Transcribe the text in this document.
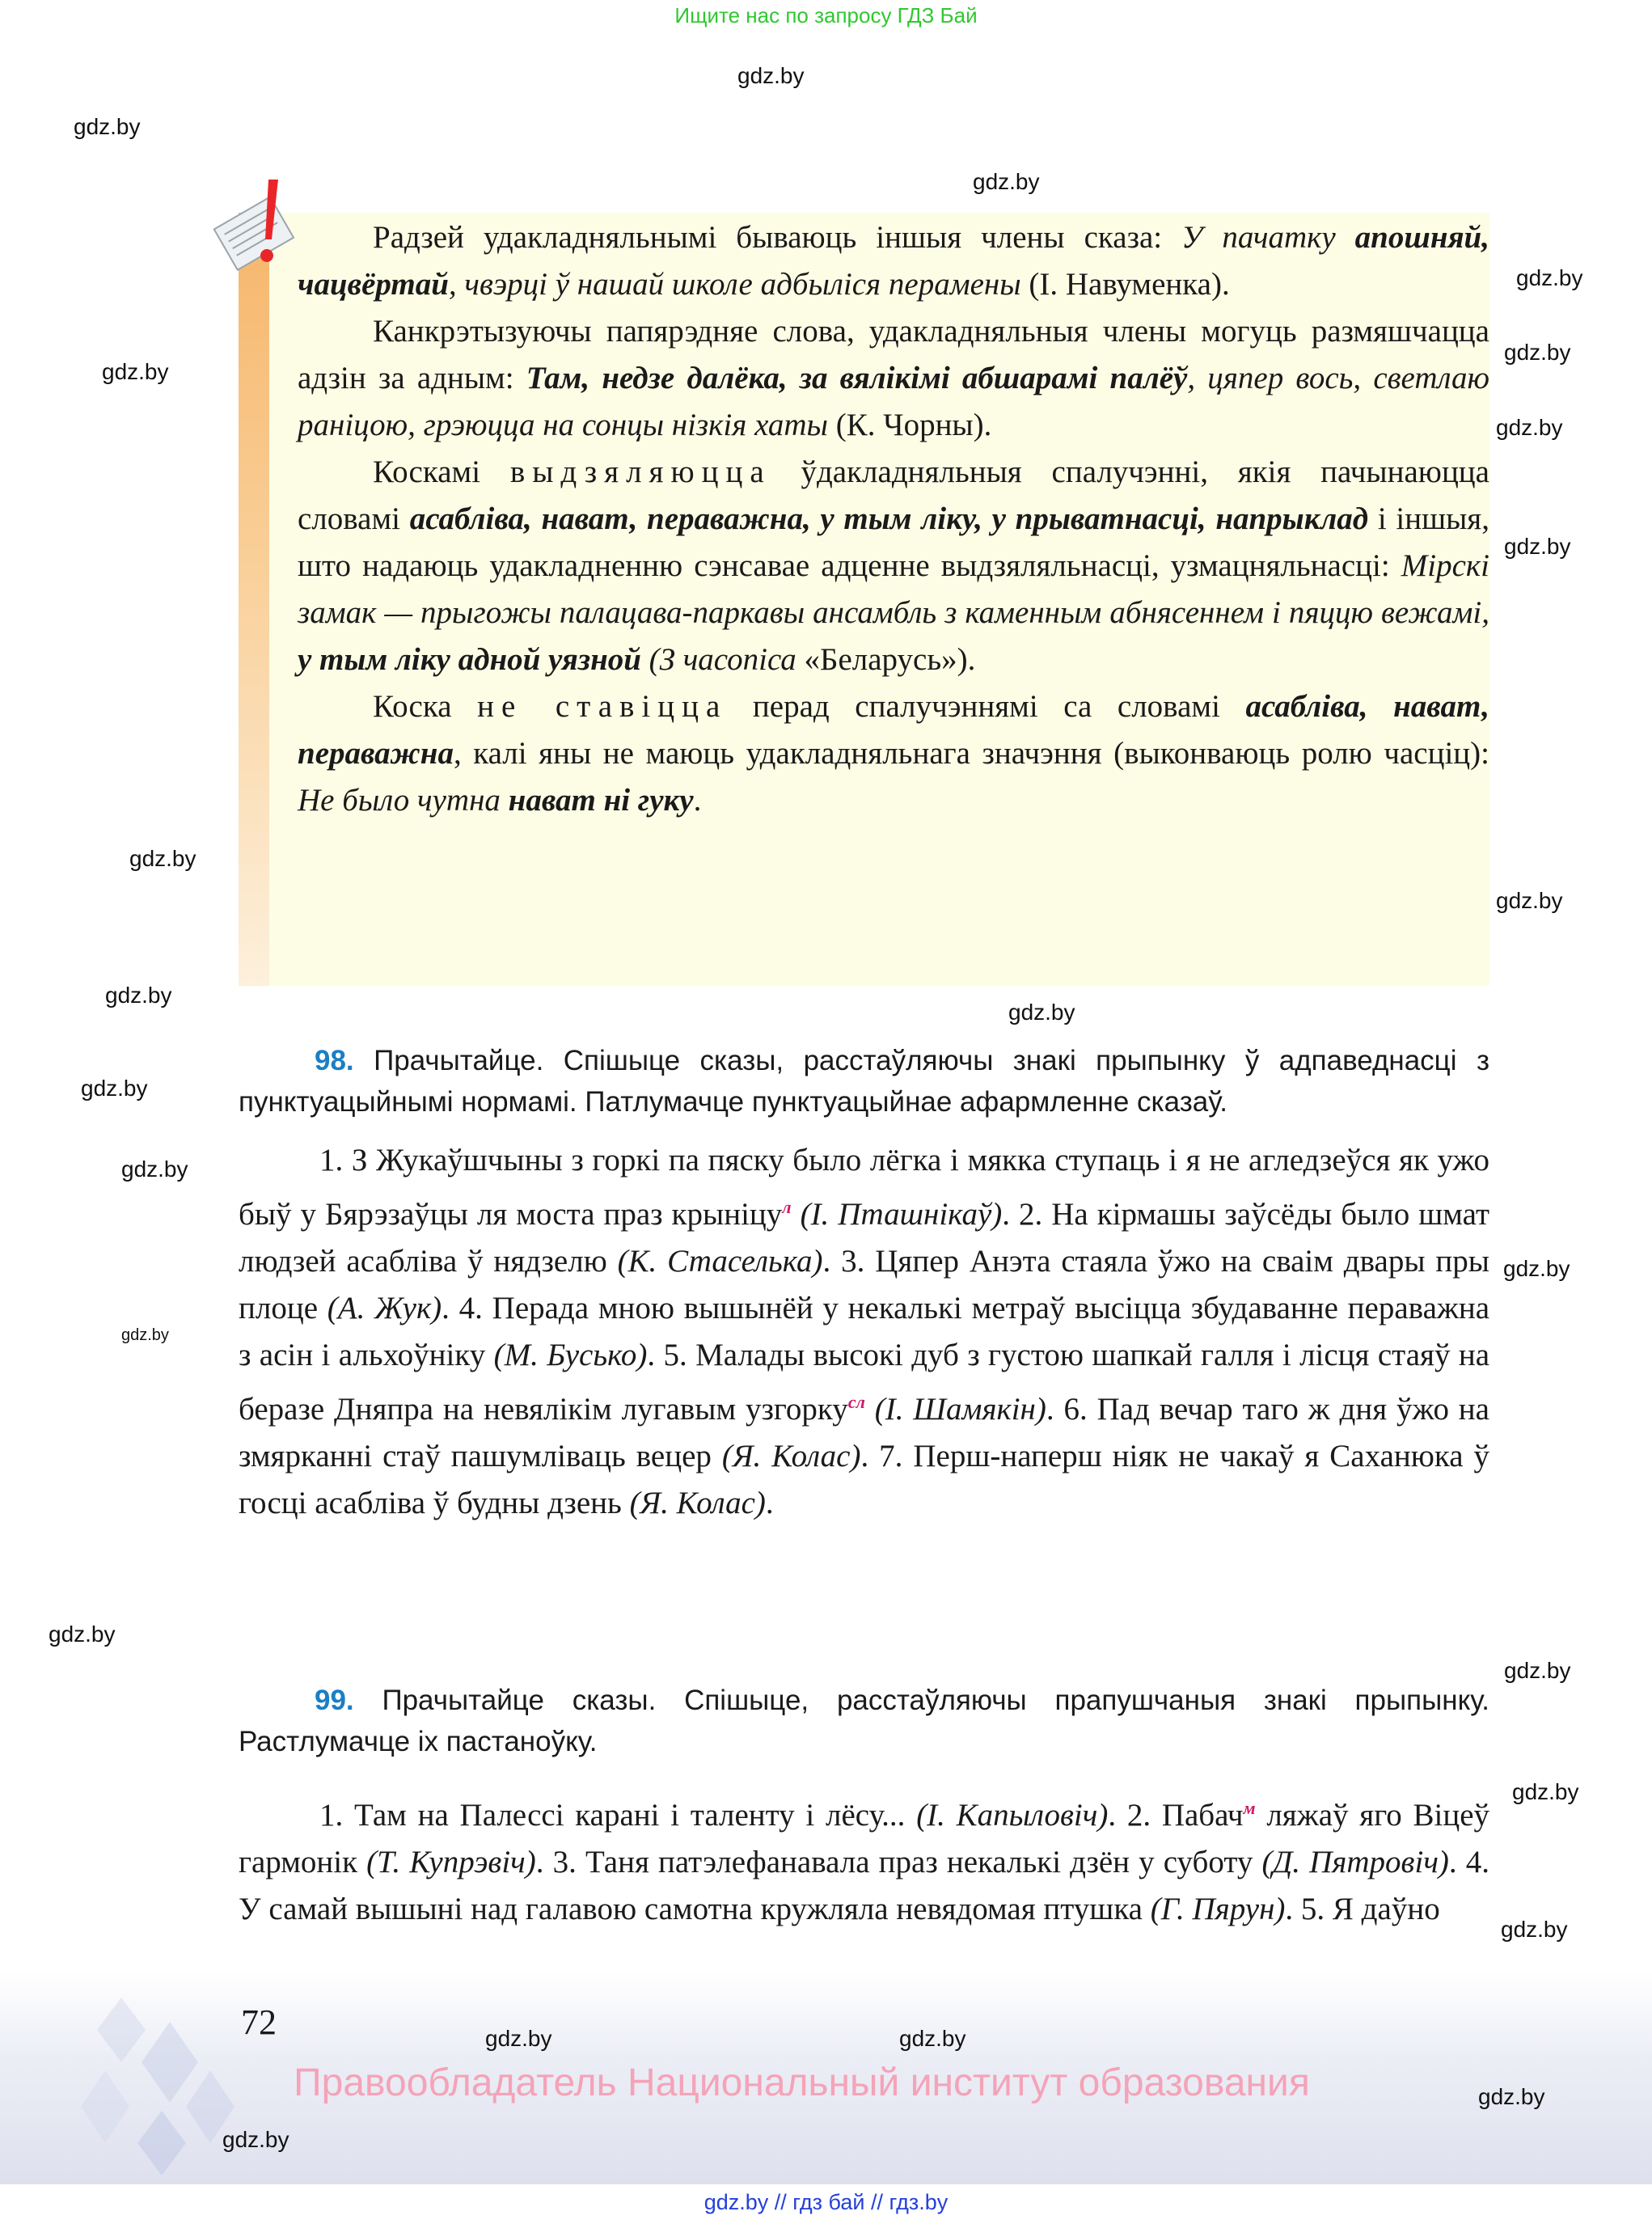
Ищите нас по запросу ГДЗ Бай
gdz.by
gdz.by
gdz.by
gdz.by
gdz.by
gdz.by
gdz.by
gdz.by
gdz.by
gdz.by
gdz.by
gdz.by
gdz.by
gdz.by
gdz.by
gdz.by
gdz.by
gdz.by
gdz.by
gdz.by
gdz.by	gdz.by
gdz.by
gdz.by

Радзей удакладняльнымі бываюць іншыя члены сказа: У пачатку апошняй, чацвёртай, чвэрці ў нашай школе адбыліся перамены (І. Навуменка).

Канкрэтызуючы папярэдняе слова, удакладняльныя члены могуць размяшчацца адзін за адным: Там, недзе далёка, за вялікімі абшарамі палёў, цяпер вось, светлаю раніцою, грэюцца на сонцы нізкія хаты (К. Чорны).

Коскамі выдзяляюцца ўдакладняльныя спалучэнні, якія пачынаюцца словамі асабліва, нават, пераважна, у тым ліку, у прыватнасці, напрыклад і іншыя, што надаюць удакладненню сэнсавае адценне выдзяляльнасці, узмацняльнасці: Мірскі замак — прыгожы палацава-паркавы ансамбль з каменным абнясеннем і пяццю вежамі, у тым ліку адной уязной (З часопіса «Беларусь»).

Коска не ставіцца перад спалучэннямі са словамі асабліва, нават, пераважна, калі яны не маюць удакладняльнага значэння (выконваюць ролю часціц): Не было чутна нават ні гуку.

98. Прачытайце. Спішыце сказы, расстаўляючы знакі прыпынку ў адпаведнасці з пунктуацыйнымі нормамі. Патлумачце пунктуацыйнае афармленне сказаў.

1. З Жукаўшчыны з горкі па пяску было лёгка і мякка ступаць і я не агледзеўся як ужо быў у Бярэзаўцы ля моста праз крыніцу$^л$ (І. Пташнікаў). 2. На кірмашы заўсёды было шмат людзей асабліва ў нядзелю (К. Стаселька). 3. Цяпер Анэта стаяла ўжо на сваім двары пры плоце (А. Жук). 4. Перада мною вышынёй у некалькі метраў высіцца збудаванне пераважна з асін і альхоўніку (М. Бусько). 5. Малады высокі дуб з густою шапкай галля і лісця стаяў на беразе Дняпра на невялікім лугавым узгорку$^{сл}$ (І. Шамякін). 6. Пад вечар таго ж дня ўжо на змярканні стаў пашумліваць вецер (Я. Колас). 7. Перш-наперш ніяк не чакаў я Саханюка ў госці асабліва ў будны дзень (Я. Колас).

99. Прачытайце сказы. Спішыце, расстаўляючы прапушчаныя знакі прыпынку. Растлумачце іх пастаноўку.

1. Там на Палессі карані і таленту і лёсу... (І. Капыловіч). 2. Пабач$^м$ ляжаў яго Віцеў гармонік (Т. Купрэвіч). 3. Таня патэлефанавала праз некалькі дзён у суботу (Д. Пятровіч). 4. У самай вышыні над галавою самотна кружляла невядомая птушка (Г. Пярун). 5. Я даўно

72
Правообладатель Национальный институт образования
gdz.by // гдз бай // гдз.by
